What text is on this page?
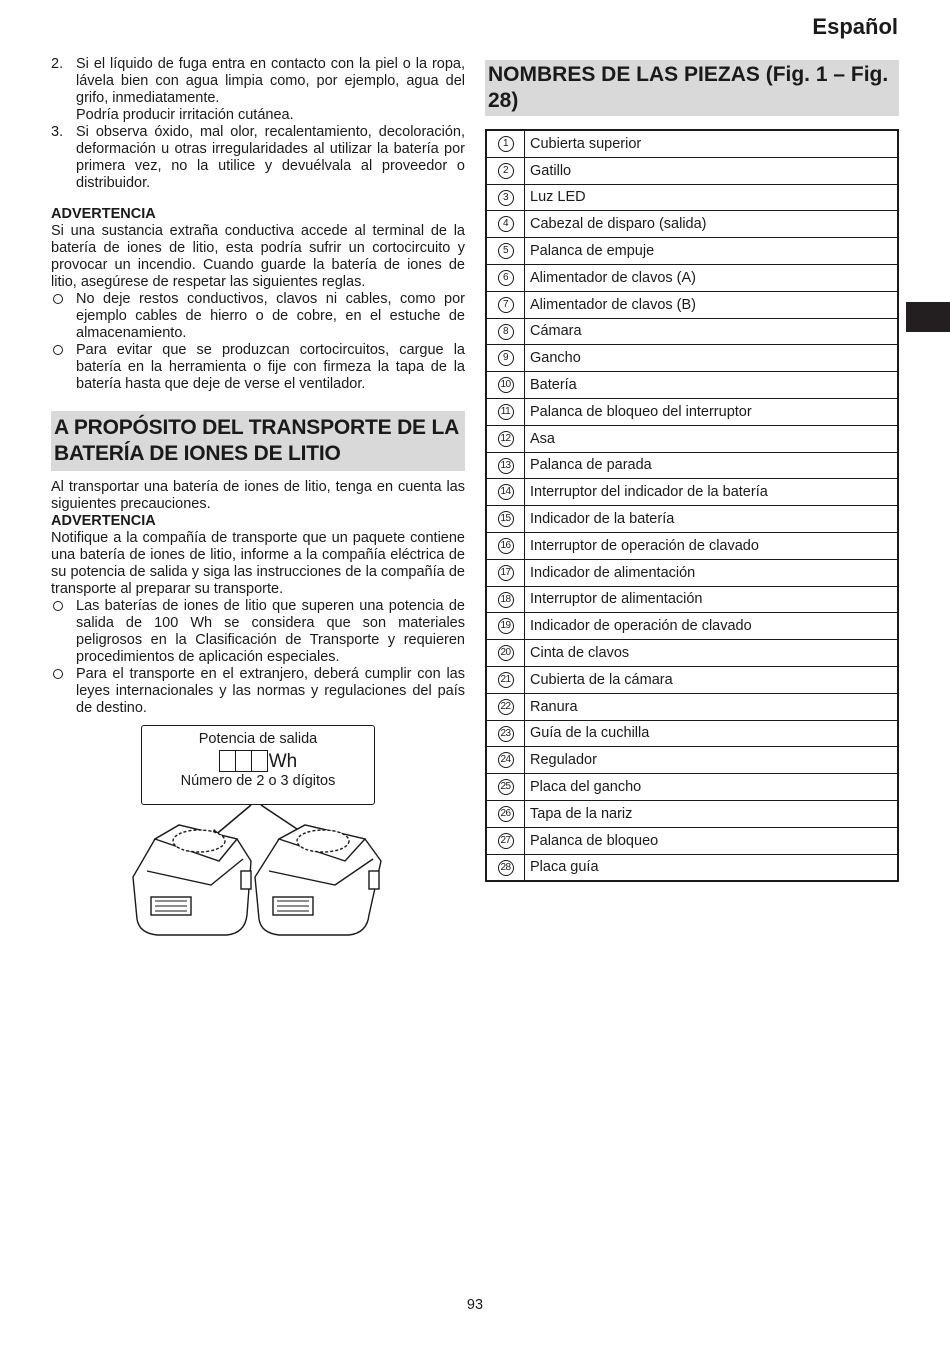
Español
2. Si el líquido de fuga entra en contacto con la piel o la ropa, lávela bien con agua limpia como, por ejemplo, agua del grifo, inmediatamente.
Podría producir irritación cutánea.
3. Si observa óxido, mal olor, recalentamiento, decoloración, deformación u otras irregularidades al utilizar la batería por primera vez, no la utilice y devuélvala al proveedor o distribuidor.
ADVERTENCIA
Si una sustancia extraña conductiva accede al terminal de la batería de iones de litio, esta podría sufrir un cortocircuito y provocar un incendio. Cuando guarde la batería de iones de litio, asegúrese de respetar las siguientes reglas.
No deje restos conductivos, clavos ni cables, como por ejemplo cables de hierro o de cobre, en el estuche de almacenamiento.
Para evitar que se produzcan cortocircuitos, cargue la batería en la herramienta o fije con firmeza la tapa de la batería hasta que deje de verse el ventilador.
A PROPÓSITO DEL TRANSPORTE DE LA BATERÍA DE IONES DE LITIO
Al transportar una batería de iones de litio, tenga en cuenta las siguientes precauciones.
ADVERTENCIA
Notifique a la compañía de transporte que un paquete contiene una batería de iones de litio, informe a la compañía eléctrica de su potencia de salida y siga las instrucciones de la compañía de transporte al preparar su transporte.
Las baterías de iones de litio que superen una potencia de salida de 100 Wh se considera que son materiales peligrosos en la Clasificación de Transporte y requieren procedimientos de aplicación especiales.
Para el transporte en el extranjero, deberá cumplir con las leyes internacionales y las normas y regulaciones del país de destino.
Potencia de salida
Wh
Número de 2 o 3 dígitos
NOMBRES DE LAS PIEZAS (Fig. 1 – Fig. 28)
1	Cubierta superior
2	Gatillo
3	Luz LED
4	Cabezal de disparo (salida)
5	Palanca de empuje
6	Alimentador de clavos (A)
7	Alimentador de clavos (B)
8	Cámara
9	Gancho
10	Batería
11	Palanca de bloqueo del interruptor
12	Asa
13	Palanca de parada
14	Interruptor del indicador de la batería
15	Indicador de la batería
16	Interruptor de operación de clavado
17	Indicador de alimentación
18	Interruptor de alimentación
19	Indicador de operación de clavado
20	Cinta de clavos
21	Cubierta de la cámara
22	Ranura
23	Guía de la cuchilla
24	Regulador
25	Placa del gancho
26	Tapa de la nariz
27	Palanca de bloqueo
28	Placa guía
93
